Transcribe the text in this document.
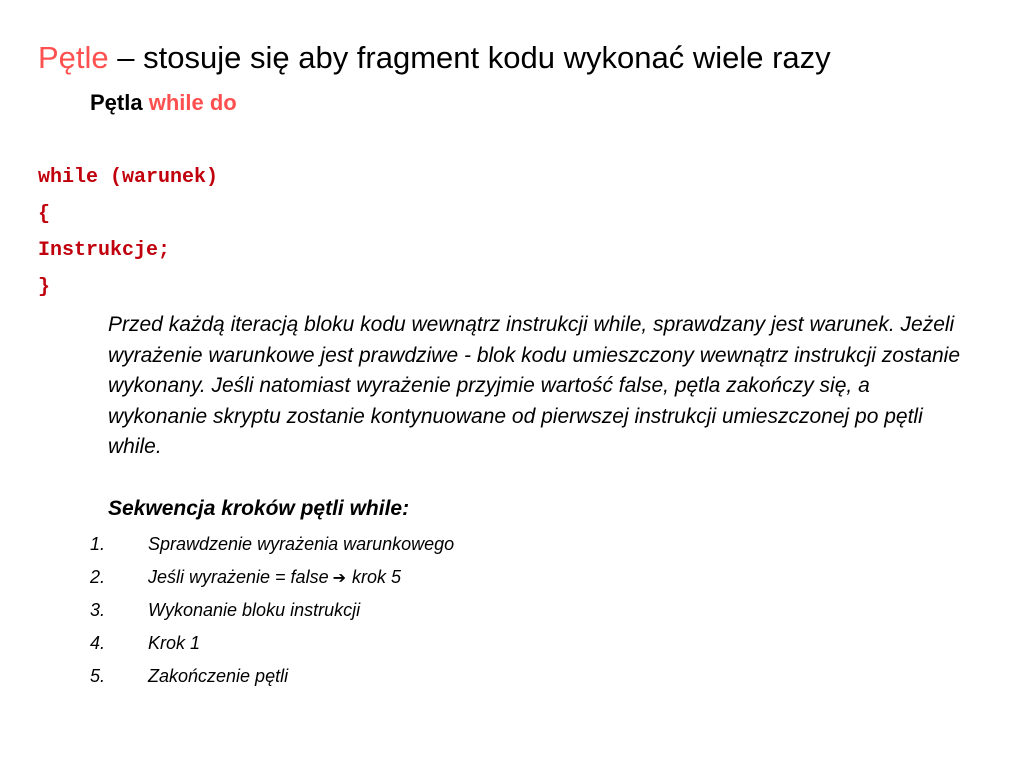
Pętle – stosuje się aby fragment kodu wykonać wiele razy
Pętla while do
while (warunek)
{
Instrukcje;
}
Przed każdą iteracją bloku kodu wewnątrz instrukcji while, sprawdzany jest warunek. Jeżeli wyrażenie warunkowe jest prawdziwe - blok kodu umieszczony wewnątrz instrukcji zostanie wykonany. Jeśli natomiast wyrażenie przyjmie wartość false, pętla zakończy się, a wykonanie skryptu zostanie kontynuowane od pierwszej instrukcji umieszczonej po pętli while.
Sekwencja kroków pętli while:
1. Sprawdzenie wyrażenia warunkowego
2. Jeśli wyrażenie = false ➔ krok 5
3. Wykonanie bloku instrukcji
4. Krok 1
5. Zakończenie pętli
